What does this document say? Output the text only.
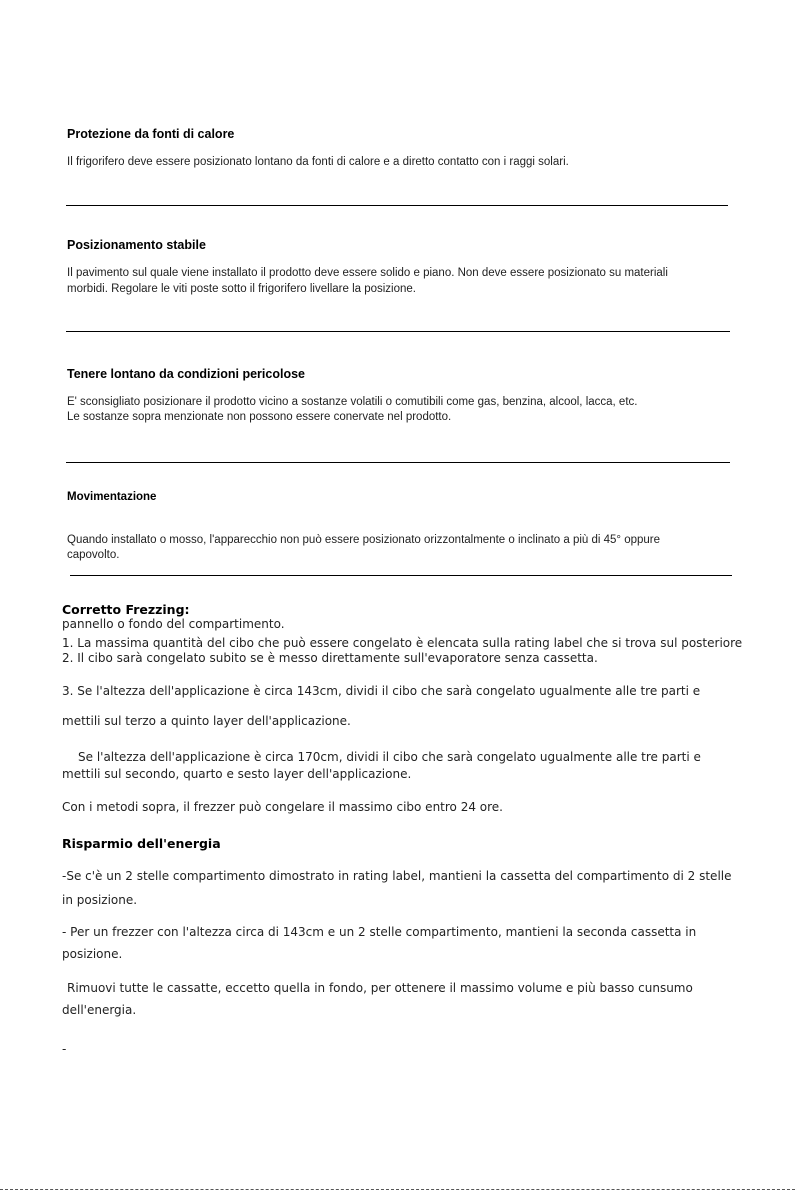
Protezione da fonti di calore
Il frigorifero deve essere posizionato lontano da fonti di calore e a diretto contatto con i raggi solari.
Posizionamento stabile
Il pavimento sul quale viene installato il prodotto deve essere solido e piano. Non deve essere posizionato su materiali
morbidi. Regolare le viti poste sotto il frigorifero livellare la posizione.
Tenere lontano da condizioni pericolose
E' sconsigliato posizionare il prodotto vicino a sostanze volatili o comutibili come gas, benzina, alcool, lacca, etc.
Le sostanze sopra menzionate non possono essere conervate nel prodotto.
Movimentazione
Quando installato o mosso, l'apparecchio non può essere posizionato orizzontalmente o inclinato a più di 45° oppure
capovolto.
Corretto Frezzing:
pannello o fondo del compartimento.
1. La massima quantità del cibo che può essere congelato è elencata sulla rating label che si trova sul posteriore
2. Il cibo sarà congelato subito se è messo direttamente sull'evaporatore senza cassetta.
3. Se l'altezza dell'applicazione è circa 143cm, dividi il cibo che sarà congelato ugualmente alle tre parti e
mettili sul terzo a quinto layer dell'applicazione.
Se l'altezza dell'applicazione è circa 170cm, dividi il cibo che sarà congelato ugualmente alle tre parti e
mettili sul secondo, quarto e sesto layer dell'applicazione.
Con i metodi sopra, il frezzer può congelare il massimo cibo entro 24 ore.
Risparmio dell'energia
-Se c'è un 2 stelle compartimento dimostrato in rating label, mantieni la cassetta del compartimento di 2 stelle
in posizione.
- Per un frezzer con l'altezza circa di 143cm e un 2 stelle compartimento, mantieni la seconda cassetta in
posizione.
Rimuovi tutte le cassatte, eccetto quella in fondo, per ottenere il massimo volume e più basso cunsumo
dell'energia.
-
